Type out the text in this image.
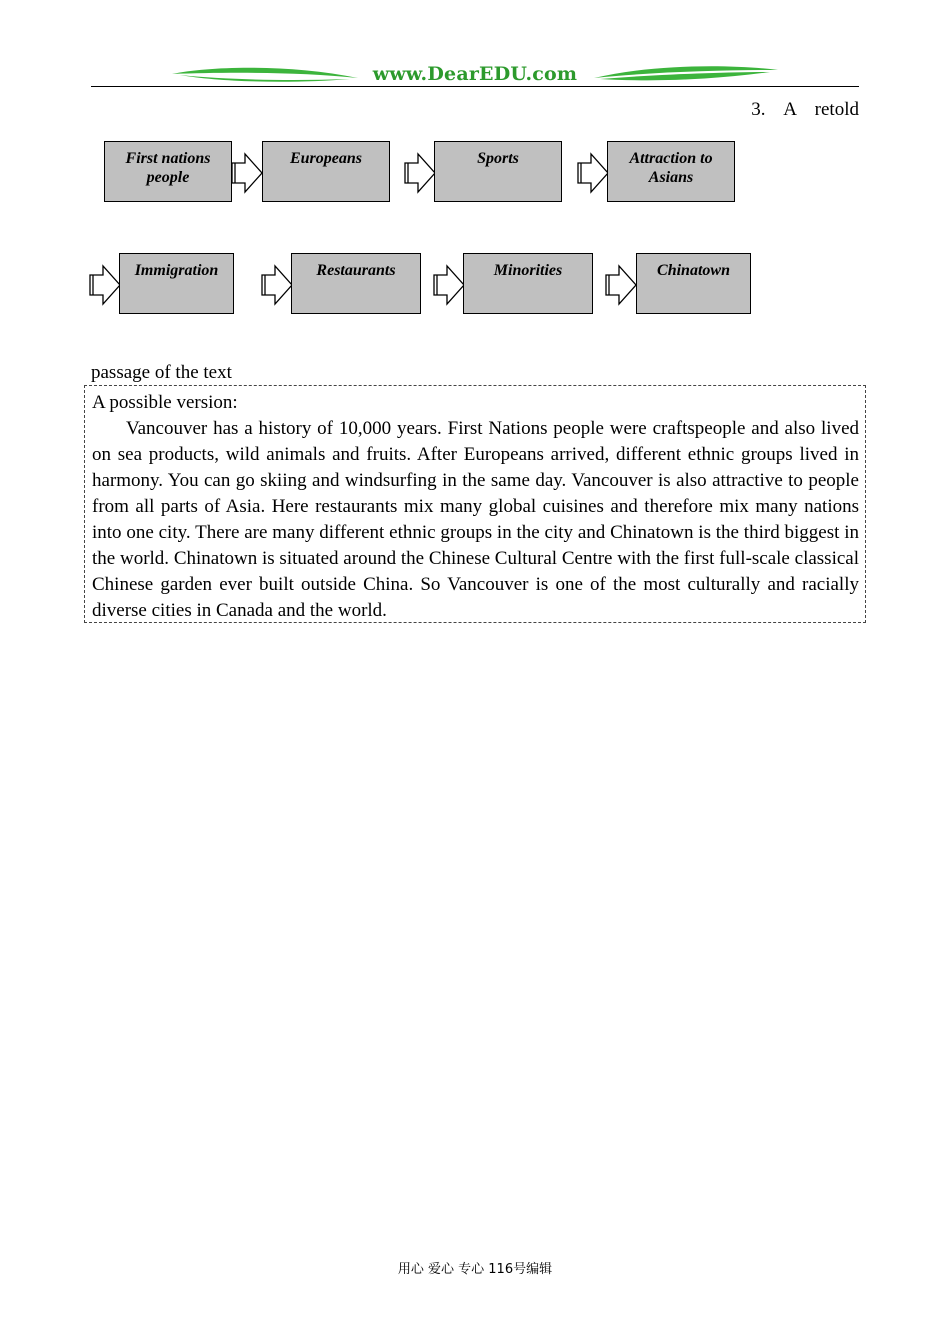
www.DearEDU.com
3. A retold
First nations people
Europeans	Sports	Attraction to Asians
Immigration	Restaurants	Minorities	Chinatown
passage of the text
A possible version:

Vancouver has a history of 10,000 years. First Nations people were craftspeople and also lived on sea products, wild animals and fruits. After Europeans arrived, different ethnic groups lived in harmony. You can go skiing and windsurfing in the same day. Vancouver is also attractive to people from all parts of Asia. Here restaurants mix many global cuisines and therefore mix many nations into one city. There are many different ethnic groups in the city and Chinatown is the third biggest in the world. Chinatown is situated around the Chinese Cultural Centre with the first full-scale classical Chinese garden ever built outside China. So Vancouver is one of the most culturally and racially diverse cities in Canada and the world.

用心 爱心 专心 116号编辑
